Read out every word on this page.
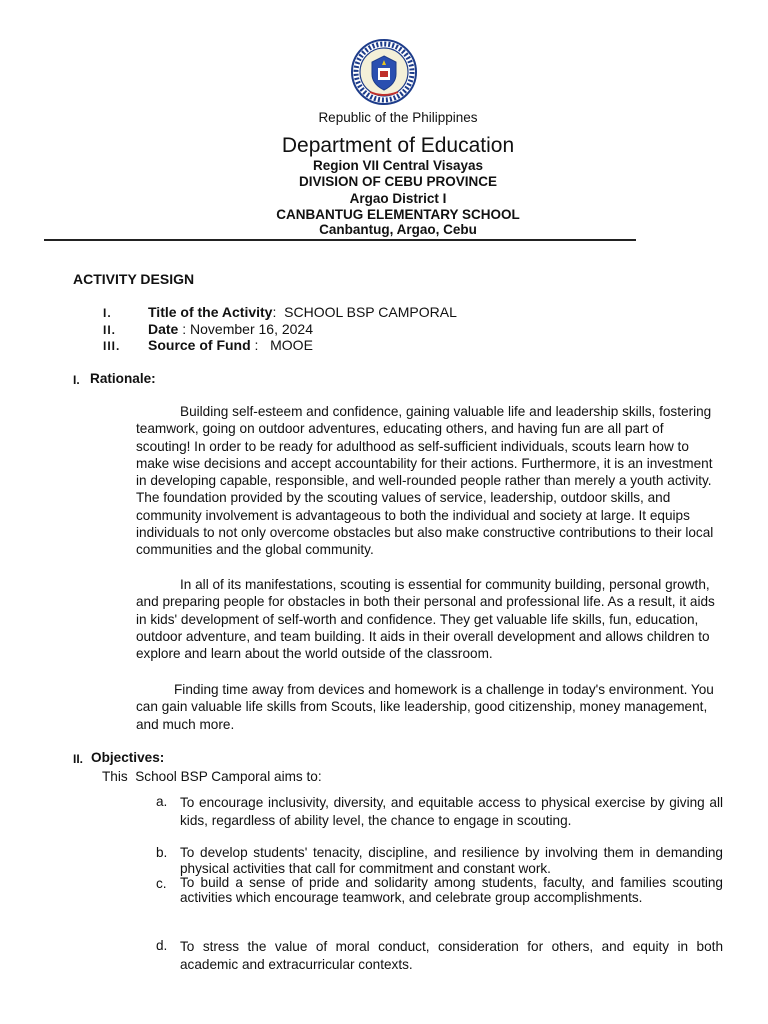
Republic of the Philippines
Department of Education
Region VII Central Visayas
DIVISION OF CEBU PROVINCE
Argao District I
CANBANTUG ELEMENTARY SCHOOL
Canbantug, Argao, Cebu
ACTIVITY DESIGN
I.	Title of the Activity: SCHOOL BSP CAMPORAL
II. Date : November 16, 2024
III. Source of Fund : MOOE
I. Rationale:
Building self-esteem and confidence, gaining valuable life and leadership skills, fostering teamwork, going on outdoor adventures, educating others, and having fun are all part of scouting! In order to be ready for adulthood as self-sufficient individuals, scouts learn how to make wise decisions and accept accountability for their actions. Furthermore, it is an investment in developing capable, responsible, and well-rounded people rather than merely a youth activity. The foundation provided by the scouting values of service, leadership, outdoor skills, and community involvement is advantageous to both the individual and society at large. It equips individuals to not only overcome obstacles but also make constructive contributions to their local communities and the global community.
In all of its manifestations, scouting is essential for community building, personal growth, and preparing people for obstacles in both their personal and professional life. As a result, it aids in kids' development of self-worth and confidence. They get valuable life skills, fun, education, outdoor adventure, and team building. It aids in their overall development and allows children to explore and learn about the world outside of the classroom.
Finding time away from devices and homework is a challenge in today's environment. You can gain valuable life skills from Scouts, like leadership, good citizenship, money management, and much more.
II. Objectives:
This  School BSP Camporal aims to:
a. To encourage inclusivity, diversity, and equitable access to physical exercise by giving all kids, regardless of ability level, the chance to engage in scouting.
b. To develop students' tenacity, discipline, and resilience by involving them in demanding physical activities that call for commitment and constant work.
c. To build a sense of pride and solidarity among students, faculty, and families scouting activities which encourage teamwork, and celebrate group accomplishments.
d. To stress the value of moral conduct, consideration for others, and equity in both academic and extracurricular contexts.
